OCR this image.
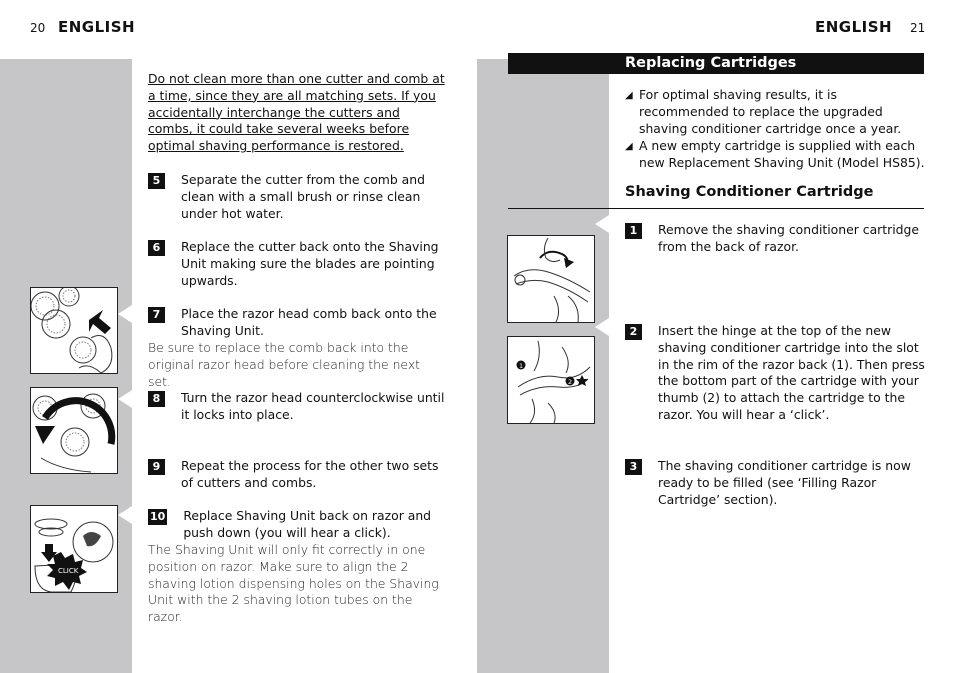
20 ENGLISH

Do not clean more than one cutter and comb at a time, since they are all matching sets. If you accidentally interchange the cutters and combs, it could take several weeks before optimal shaving performance is restored.

5	Separate the cutter from the comb and clean with a small brush or rinse clean under hot water.
6	Replace the cutter back onto the Shaving Unit making sure the blades are pointing upwards.
7	Place the razor head comb back onto the Shaving Unit.

Be sure to replace the comb back into the original razor head before cleaning the next set.

8	Turn the razor head counterclockwise until it locks into place.
9	Repeat the process for the other two sets of cutters and combs.
10 Replace Shaving Unit back on razor and push down (you will hear a click).

The Shaving Unit will only fit correctly in one position on razor. Make sure to align the 2 shaving lotion dispensing holes on the Shaving Unit with the 2 shaving lotion tubes on the razor.

CLICK
ENGLISH 21
Replacing Cartridges
◢ For optimal shaving results, it is recommended to replace the upgraded shaving conditioner cartridge once a year.
◢ A new empty cartridge is supplied with each new Replacement Shaving Unit (Model HS85).
Shaving Conditioner Cartridge
1	Remove the shaving conditioner cartridge from the back of razor.
2	Insert the hinge at the top of the new shaving conditioner cartridge into the slot in the rim of the razor back (1). Then press the bottom part of the cartridge with your thumb (2) to attach the cartridge to the razor. You will hear a ‘click’.
3	The shaving conditioner cartridge is now ready to be filled (see ‘Filling Razor Cartridge’ section).
1
2
